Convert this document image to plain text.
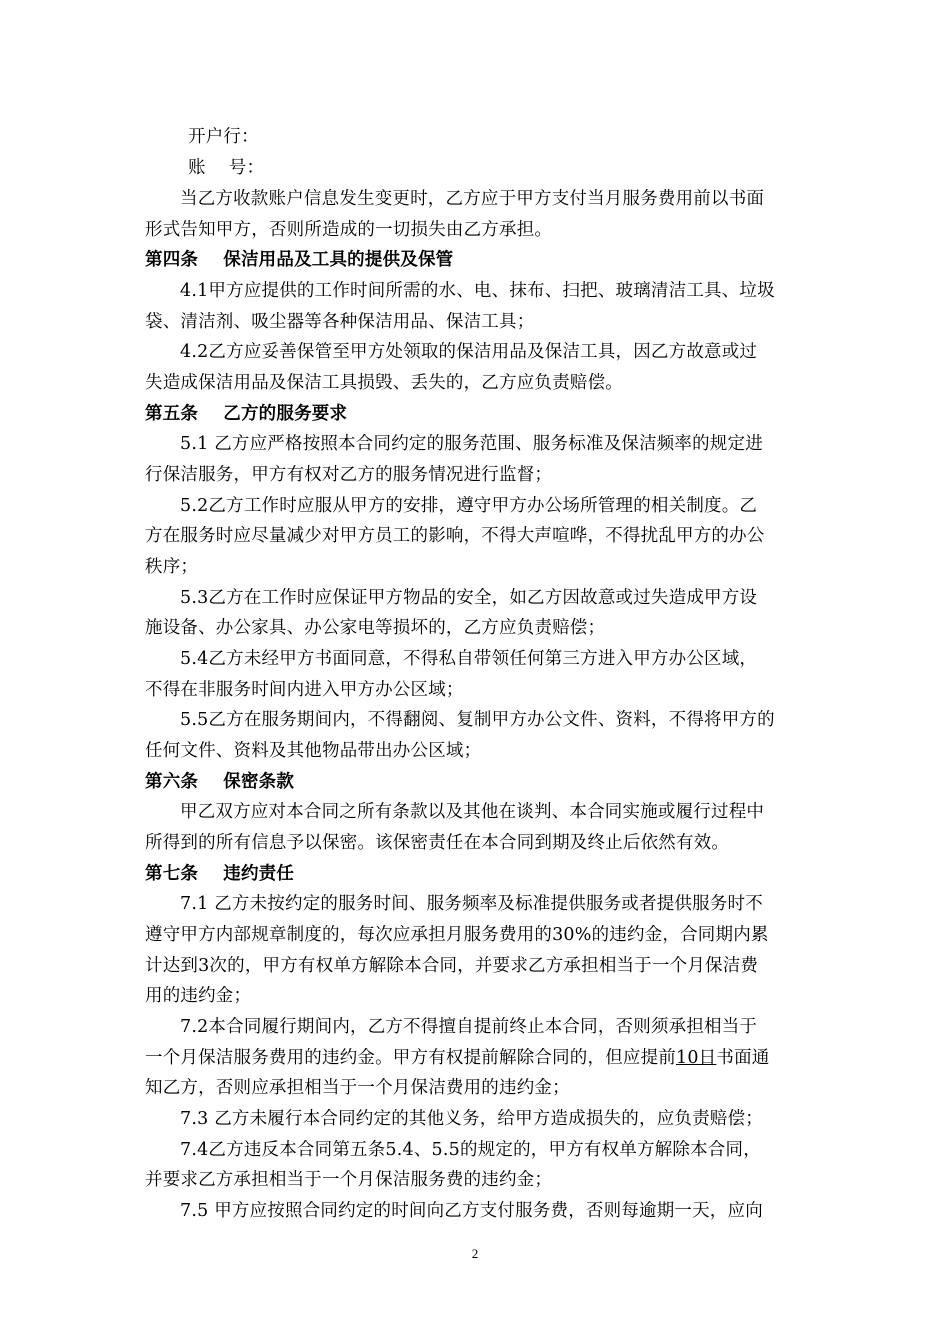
开户行：
账    号：
当乙方收款账户信息发生变更时，乙方应于甲方支付当月服务费用前以书面
形式告知甲方，否则所造成的一切损失由乙方承担。
第四条    保洁用品及工具的提供及保管
4.1甲方应提供的工作时间所需的水、电、抹布、扫把、玻璃清洁工具、垃圾
袋、清洁剂、吸尘器等各种保洁用品、保洁工具；
4.2乙方应妥善保管至甲方处领取的保洁用品及保洁工具，因乙方故意或过
失造成保洁用品及保洁工具损毁、丢失的，乙方应负责赔偿。
第五条    乙方的服务要求
5.1 乙方应严格按照本合同约定的服务范围、服务标准及保洁频率的规定进
行保洁服务，甲方有权对乙方的服务情况进行监督；
5.2乙方工作时应服从甲方的安排，遵守甲方办公场所管理的相关制度。乙
方在服务时应尽量减少对甲方员工的影响，不得大声喧哗，不得扰乱甲方的办公
秩序；
5.3乙方在工作时应保证甲方物品的安全，如乙方因故意或过失造成甲方设
施设备、办公家具、办公家电等损坏的，乙方应负责赔偿；
5.4乙方未经甲方书面同意，不得私自带领任何第三方进入甲方办公区域，
不得在非服务时间内进入甲方办公区域；
5.5乙方在服务期间内，不得翻阅、复制甲方办公文件、资料，不得将甲方的
任何文件、资料及其他物品带出办公区域；
第六条    保密条款
甲乙双方应对本合同之所有条款以及其他在谈判、本合同实施或履行过程中
所得到的所有信息予以保密。该保密责任在本合同到期及终止后依然有效。
第七条    违约责任
7.1 乙方未按约定的服务时间、服务频率及标准提供服务或者提供服务时不
遵守甲方内部规章制度的，每次应承担月服务费用的30%的违约金，合同期内累
计达到3次的，甲方有权单方解除本合同，并要求乙方承担相当于一个月保洁费
用的违约金；
7.2本合同履行期间内，乙方不得擅自提前终止本合同，否则须承担相当于
一个月保洁服务费用的违约金。甲方有权提前解除合同的，但应提前10日书面通
知乙方，否则应承担相当于一个月保洁费用的违约金；
7.3 乙方未履行本合同约定的其他义务，给甲方造成损失的，应负责赔偿；
7.4乙方违反本合同第五条5.4、5.5的规定的，甲方有权单方解除本合同，
并要求乙方承担相当于一个月保洁服务费的违约金；
7.5 甲方应按照合同约定的时间向乙方支付服务费，否则每逾期一天，应向
2
